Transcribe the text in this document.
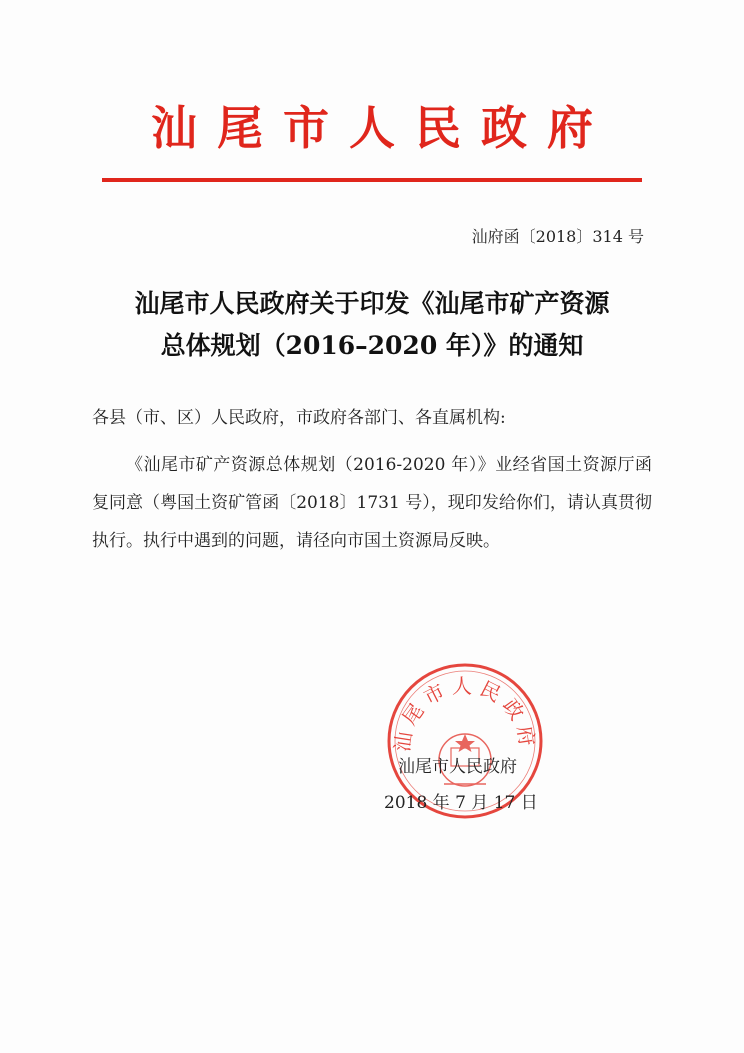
汕尾市人民政府
汕府函〔2018〕314 号
汕尾市人民政府关于印发《汕尾市矿产资源
总体规划（2016–2020 年）》的通知
各县（市、区）人民政府，市政府各部门、各直属机构:
《汕尾市矿产资源总体规划（2016-2020 年）》业经省国土资源厅函复同意（粤国土资矿管函〔2018〕1731 号），现印发给你们，请认真贯彻执行。执行中遇到的问题，请径向市国土资源局反映。
汕尾市人民政府
汕尾市人民政府
2018 年 7 月 17 日
